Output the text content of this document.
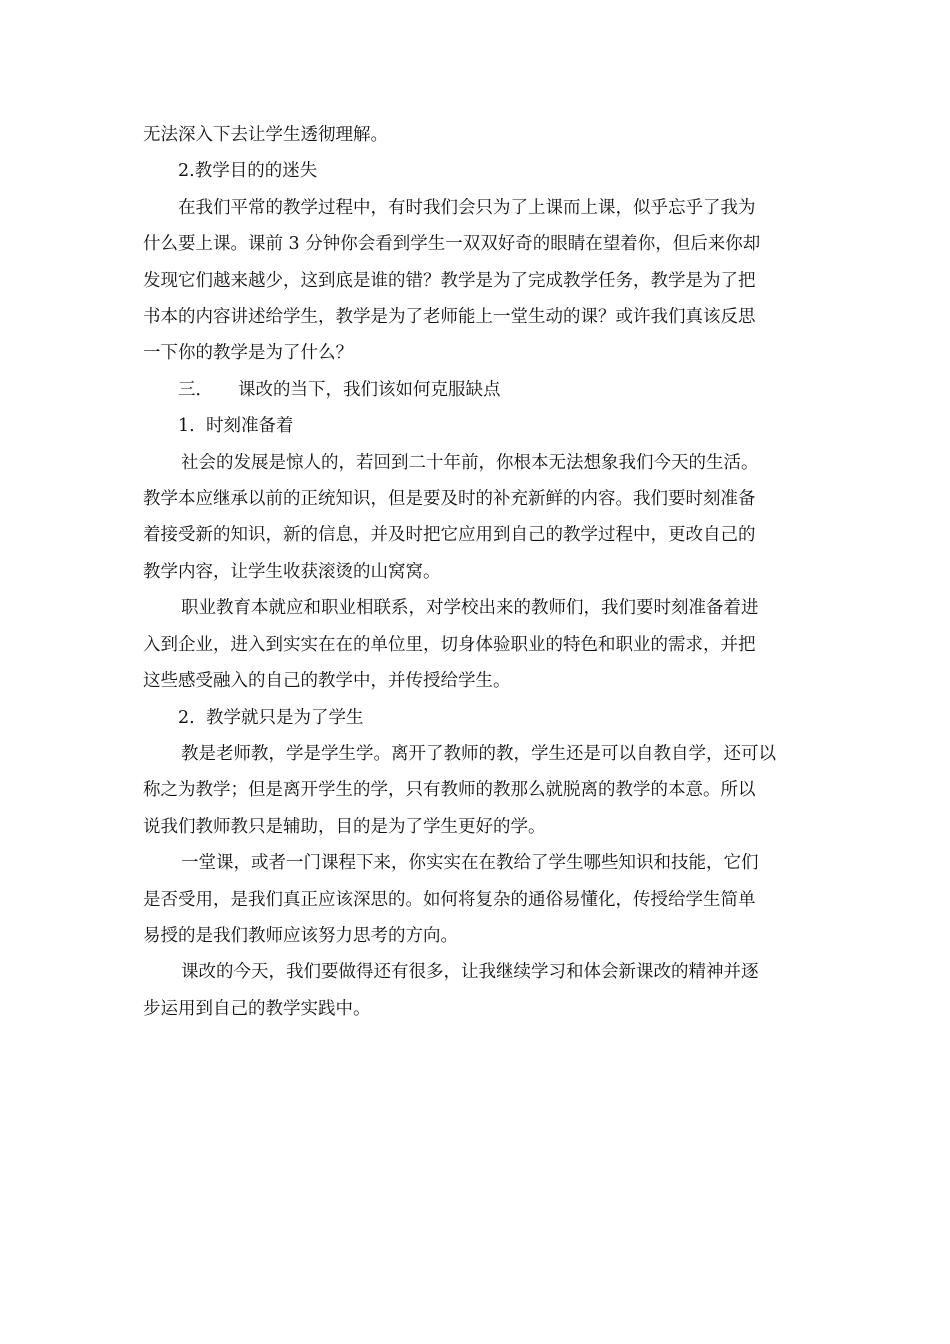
无法深入下去让学生透彻理解。

2.教学目的的迷失

在我们平常的教学过程中，有时我们会只为了上课而上课，似乎忘乎了我为

什么要上课。课前 3 分钟你会看到学生一双双好奇的眼睛在望着你，但后来你却

发现它们越来越少，这到底是谁的错？教学是为了完成教学任务，教学是为了把

书本的内容讲述给学生，教学是为了老师能上一堂生动的课？或许我们真该反思

一下你的教学是为了什么？

三． 课改的当下，我们该如何克服缺点

1. 时刻准备着

社会的发展是惊人的，若回到二十年前，你根本无法想象我们今天的生活。

教学本应继承以前的正统知识，但是要及时的补充新鲜的内容。我们要时刻准备

着接受新的知识，新的信息，并及时把它应用到自己的教学过程中，更改自己的

教学内容，让学生收获滚烫的山窝窝。

职业教育本就应和职业相联系，对学校出来的教师们，我们要时刻准备着进

入到企业，进入到实实在在的单位里，切身体验职业的特色和职业的需求，并把

这些感受融入的自己的教学中，并传授给学生。

2. 教学就只是为了学生

教是老师教，学是学生学。离开了教师的教，学生还是可以自教自学，还可以

称之为教学；但是离开学生的学，只有教师的教那么就脱离的教学的本意。所以

说我们教师教只是辅助，目的是为了学生更好的学。

一堂课，或者一门课程下来，你实实在在教给了学生哪些知识和技能，它们

是否受用，是我们真正应该深思的。如何将复杂的通俗易懂化，传授给学生简单

易授的是我们教师应该努力思考的方向。

课改的今天，我们要做得还有很多，让我继续学习和体会新课改的精神并逐

步运用到自己的教学实践中。
